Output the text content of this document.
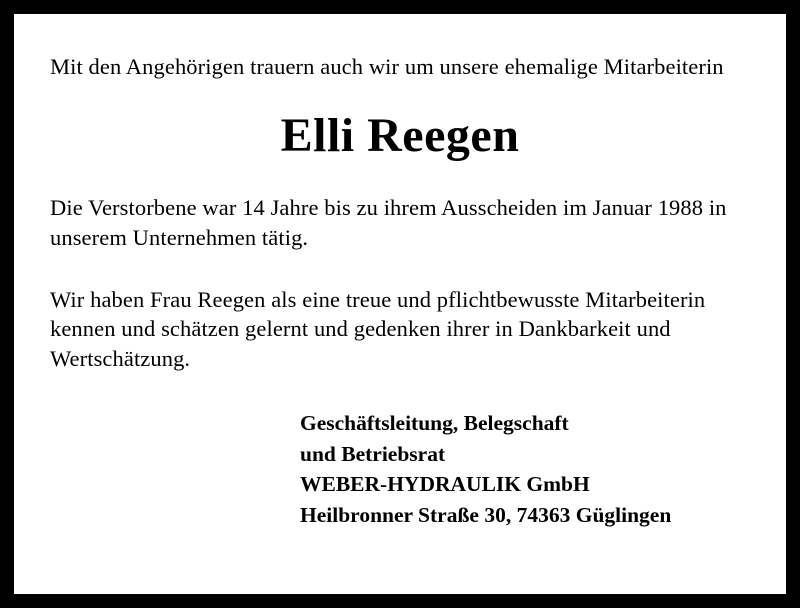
Mit den Angehörigen trauern auch wir um unsere ehemalige Mitarbeiterin

Elli Reegen

Die Verstorbene war 14 Jahre bis zu ihrem Ausscheiden im Januar 1988 in unserem Unternehmen tätig.

Wir haben Frau Reegen als eine treue und pflichtbewusste Mitarbeiterin kennen und schätzen gelernt und gedenken ihrer in Dankbarkeit und Wertschätzung.

Geschäftsleitung, Belegschaft
und Betriebsrat
WEBER-HYDRAULIK GmbH
Heilbronner Straße 30, 74363 Güglingen
